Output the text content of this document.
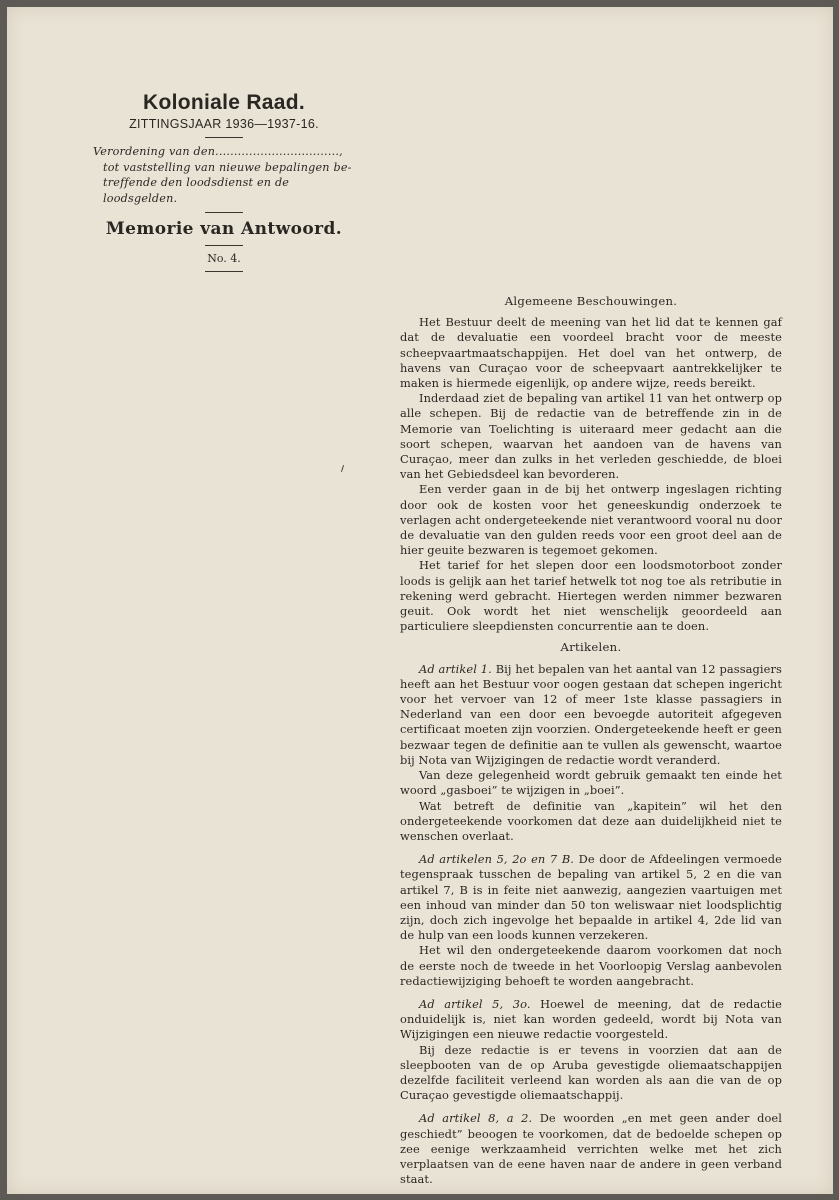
Koloniale Raad.
ZITTINGSJAAR 1936—1937-16.
Verordening van den.................................,
tot vaststelling van nieuwe bepalingen be-
treffende den loodsdienst en de loodsgelden.
Memorie van Antwoord.
No. 4.
Algemeene Beschouwingen.

Het Bestuur deelt de meening van het lid dat te kennen gaf dat de devaluatie een voordeel bracht voor de meeste scheepvaartmaatschappijen. Het doel van het ontwerp, de havens van Curaçao voor de scheepvaart aantrekkelijker te maken is hiermede eigenlijk, op andere wijze, reeds bereikt.

Inderdaad ziet de bepaling van artikel 11 van het ontwerp op alle schepen. Bij de redactie van de betreffende zin in de Memorie van Toelichting is uiteraard meer gedacht aan die soort schepen, waarvan het aandoen van de havens van Curaçao, meer dan zulks in het verleden geschiedde, de bloei van het Gebiedsdeel kan bevorderen.

Een verder gaan in de bij het ontwerp ingeslagen richting door ook de kosten voor het geneeskundig onderzoek te verlagen acht ondergeteekende niet verantwoord vooral nu door de devaluatie van den gulden reeds voor een groot deel aan de hier geuite bezwaren is tegemoet gekomen.

Het tarief for het slepen door een loodsmotorboot zonder loods is gelijk aan het tarief hetwelk tot nog toe als retributie in rekening werd gebracht. Hiertegen werden nimmer bezwaren geuit. Ook wordt het niet wenschelijk geoordeeld aan particuliere sleepdiensten concurrentie aan te doen.

Artikelen.

Ad artikel 1. Bij het bepalen van het aantal van 12 passagiers heeft aan het Bestuur voor oogen gestaan dat schepen ingericht voor het vervoer van 12 of meer 1ste klasse passagiers in Nederland van een door een bevoegde autoriteit afgegeven certificaat moeten zijn voorzien. Ondergeteekende heeft er geen bezwaar tegen de definitie aan te vullen als gewenscht, waartoe bij Nota van Wijzigingen de redactie wordt veranderd.

Van deze gelegenheid wordt gebruik gemaakt ten einde het woord „gasboei” te wijzigen in „boei”.

Wat betreft de definitie van „kapitein” wil het den ondergeteekende voorkomen dat deze aan duidelijkheid niet te wenschen overlaat.

Ad artikelen 5, 2o en 7 B. De door de Afdeelingen vermoede tegenspraak tusschen de bepaling van artikel 5, 2 en die van artikel 7, B is in feite niet aanwezig, aangezien vaartuigen met een inhoud van minder dan 50 ton weliswaar niet loodsplichtig zijn, doch zich ingevolge het bepaalde in artikel 4, 2de lid van de hulp van een loods kunnen verzekeren.

Het wil den ondergeteekende daarom voorkomen dat noch de eerste noch de tweede in het Voorloopig Verslag aanbevolen redactiewijziging behoeft te worden aangebracht.

Ad artikel 5, 3o. Hoewel de meening, dat de redactie onduidelijk is, niet kan worden gedeeld, wordt bij Nota van Wijzigingen een nieuwe redactie voorgesteld.

Bij deze redactie is er tevens in voorzien dat aan de sleepbooten van de op Aruba gevestigde oliemaatschappijen dezelfde faciliteit verleend kan worden als aan die van de op Curaçao gevestigde oliemaatschappij.

Ad artikel 8, a 2. De woorden „en met geen ander doel geschiedt” beoogen te voorkomen, dat de bedoelde schepen op zee eenige werkzaamheid verrichten welke met het zich verplaatsen van de eene haven naar de andere in geen verband staat.
